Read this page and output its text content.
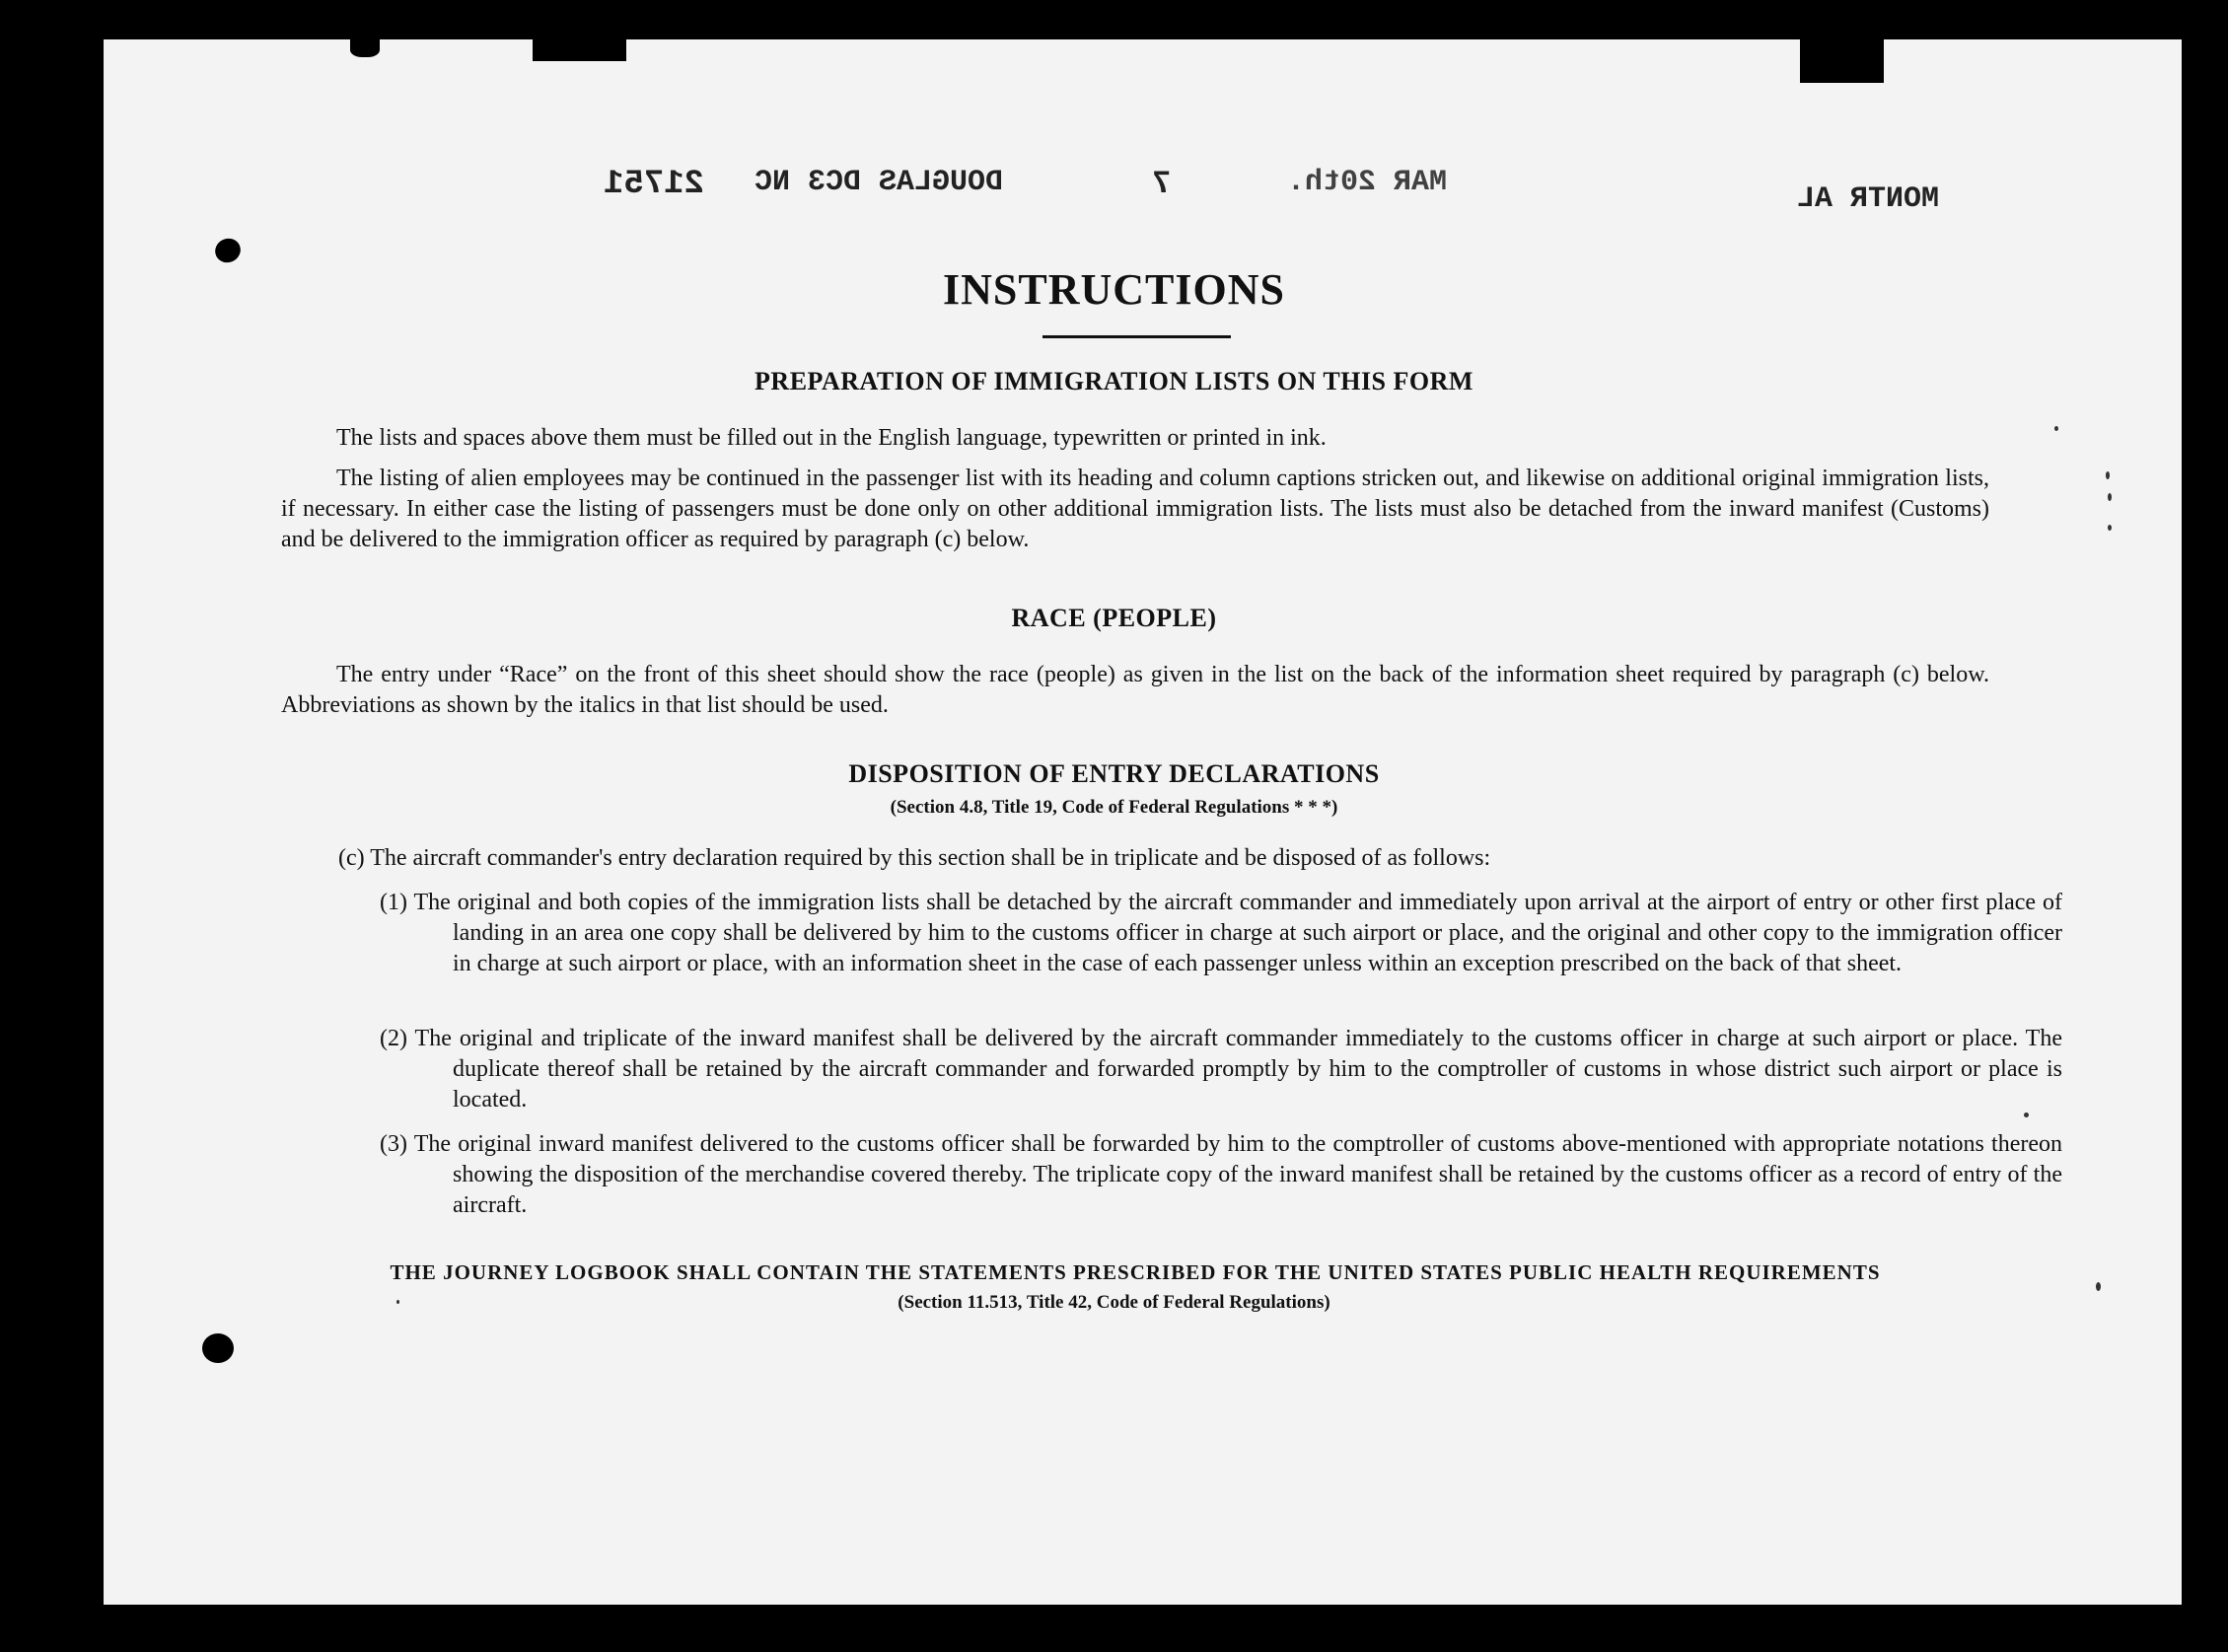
21751 DOUGLAS DC3 NC	7	MAR 20th.	MONTR AL
INSTRUCTIONS
PREPARATION OF IMMIGRATION LISTS ON THIS FORM
The lists and spaces above them must be filled out in the English language, typewritten or printed in ink.
The listing of alien employees may be continued in the passenger list with its heading and column captions stricken out, and likewise on additional original immigration lists, if necessary. In either case the listing of passengers must be done only on other additional immigration lists. The lists must also be detached from the inward manifest (Customs) and be delivered to the immigration officer as required by paragraph (c) below.
RACE (PEOPLE)
The entry under “Race” on the front of this sheet should show the race (people) as given in the list on the back of the information sheet required by paragraph (c) below. Abbreviations as shown by the italics in that list should be used.
DISPOSITION OF ENTRY DECLARATIONS
(Section 4.8, Title 19, Code of Federal Regulations * * *)
(c) The aircraft commander's entry declaration required by this section shall be in triplicate and be disposed of as follows:
(1) The original and both copies of the immigration lists shall be detached by the aircraft commander and immediately upon arrival at the airport of entry or other first place of landing in an area one copy shall be delivered by him to the customs officer in charge at such airport or place, and the original and other copy to the immigration officer in charge at such airport or place, with an information sheet in the case of each passenger unless within an exception prescribed on the back of that sheet.
(2) The original and triplicate of the inward manifest shall be delivered by the aircraft commander immediately to the customs officer in charge at such airport or place. The duplicate thereof shall be retained by the aircraft commander and forwarded promptly by him to the comptroller of customs in whose district such airport or place is located.
(3) The original inward manifest delivered to the customs officer shall be forwarded by him to the comptroller of customs above-mentioned with appropriate notations thereon showing the disposition of the merchandise covered thereby. The triplicate copy of the inward manifest shall be retained by the customs officer as a record of entry of the aircraft.
THE JOURNEY LOGBOOK SHALL CONTAIN THE STATEMENTS PRESCRIBED FOR THE UNITED STATES PUBLIC HEALTH REQUIREMENTS
(Section 11.513, Title 42, Code of Federal Regulations)
